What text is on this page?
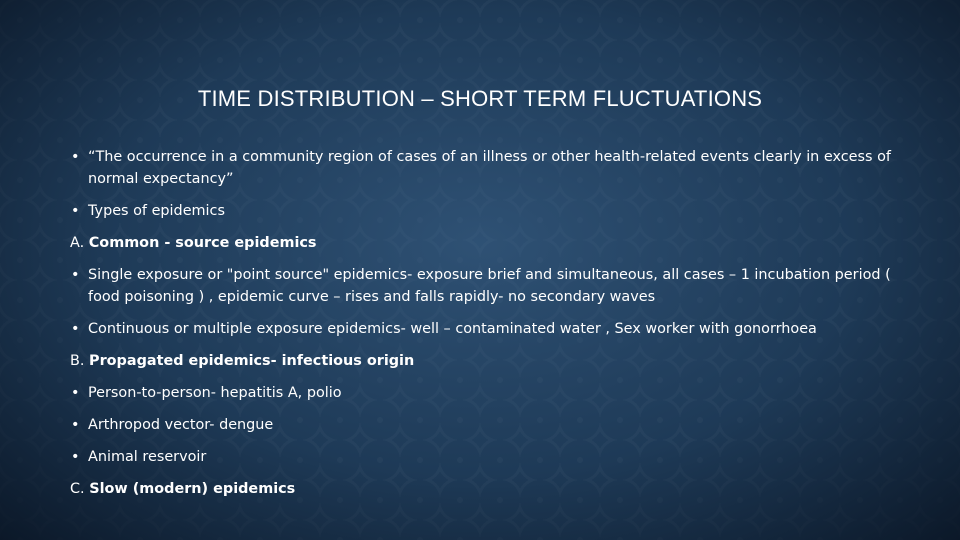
TIME DISTRIBUTION – SHORT TERM FLUCTUATIONS

• “The occurrence in a community region of cases of an illness or other health-related events clearly in excess of normal expectancy”

• Types of epidemics

A. Common - source epidemics

• Single exposure or "point source" epidemics- exposure brief and simultaneous, all cases – 1 incubation period ( food poisoning ) , epidemic curve – rises and falls rapidly- no secondary waves

• Continuous or multiple exposure epidemics- well – contaminated water , Sex worker with gonorrhoea

B. Propagated epidemics- infectious origin

• Person-to-person- hepatitis A, polio

• Arthropod vector- dengue

• Animal reservoir

C. Slow (modern) epidemics
